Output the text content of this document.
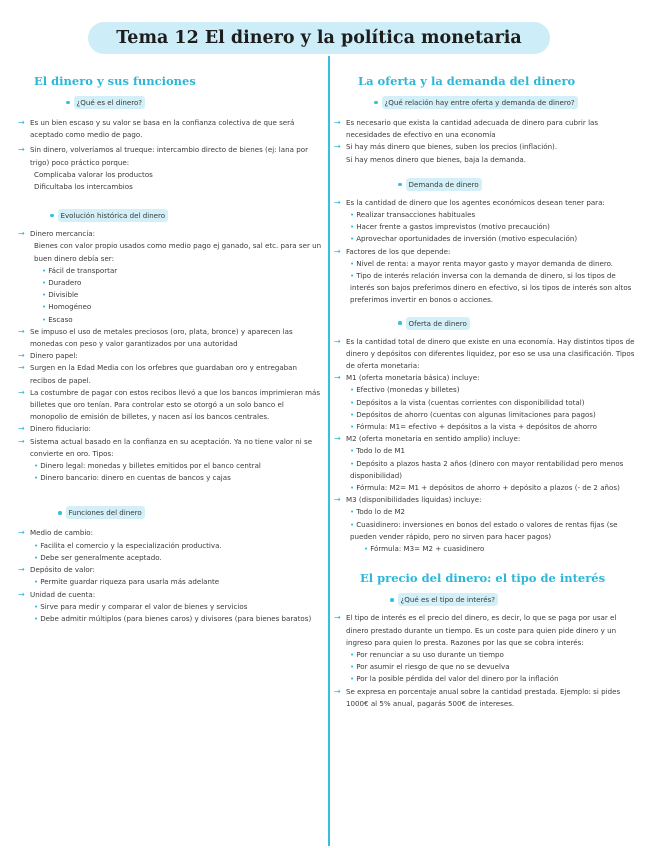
Tema 12 El dinero y la política monetaria
El dinero y sus funciones
¿Qué es el dinero?
→ Es un bien escaso y su valor se basa en la confianza colectiva de que será aceptado como medio de pago.
→ Sin dinero, volveríamos al trueque: intercambio directo de bienes (ej: lana por trigo) poco práctico porque:
Complicaba valorar los productos
Dificultaba los intercambios
Evolución histórica del dinero
→ Dinero mercancía:
Bienes con valor propio usados como medio pago ej ganado, sal etc. para ser un buen dinero debía ser:
• Fácil de transportar
• Duradero
• Divisible
• Homogéneo
• Escaso
→ Se impuso el uso de metales preciosos (oro, plata, bronce) y aparecen las monedas con peso y valor garantizados por una autoridad
→ Dinero papel:
→ Surgen en la Edad Media con los orfebres que guardaban oro y entregaban recibos de papel.
→ La costumbre de pagar con estos recibos llevó a que los bancos imprimieran más billetes que oro tenían. Para controlar esto se otorgó a un solo banco el monopolio de emisión de billetes, y nacen así los bancos centrales.
→ Dinero fiduciario:
→ Sistema actual basado en la confianza en su aceptación. Ya no tiene valor ni se convierte en oro. Tipos:
• Dinero legal: monedas y billetes emitidos por el banco central
• Dinero bancario: dinero en cuentas de bancos y cajas
Funciones del dinero
→ Medio de cambio:
• Facilita el comercio y la especialización productiva.
• Debe ser generalmente aceptado.
→ Depósito de valor:
• Permite guardar riqueza para usarla más adelante
→ Unidad de cuenta:
• Sirve para medir y comparar el valor de bienes y servicios
• Debe admitir múltiplos (para bienes caros) y divisores (para bienes baratos)
La oferta y la demanda del dinero
¿Qué relación hay entre oferta y demanda de dinero?
→ Es necesario que exista la cantidad adecuada de dinero para cubrir las necesidades de efectivo en una economía
→ Si hay más dinero que bienes, suben los precios (inflación).
Si hay menos dinero que bienes, baja la demanda.
Demanda de dinero
→ Es la cantidad de dinero que los agentes económicos desean tener para:
• Realizar transacciones habituales
• Hacer frente a gastos imprevistos (motivo precaución)
• Aprovechar oportunidades de inversión (motivo especulación)
→ Factores de los que depende:
• Nivel de renta: a mayor renta mayor gasto y mayor demanda de dinero.
• Tipo de interés relación inversa con la demanda de dinero, si los tipos de interés son bajos preferimos dinero en efectivo, si los tipos de interés son altos preferimos invertir en bonos o acciones.
Oferta de dinero
→ Es la cantidad total de dinero que existe en una economía. Hay distintos tipos de dinero y depósitos con diferentes liquidez, por eso se usa una clasificación. Tipos de oferta monetaria:
→ M1 (oferta monetaria básica) incluye:
• Efectivo (monedas y billetes)
• Depósitos a la vista (cuentas corrientes con disponibilidad total)
• Depósitos de ahorro (cuentas con algunas limitaciones para pagos)
• Fórmula: M1= efectivo + depósitos a la vista + depósitos de ahorro
→ M2 (oferta monetaria en sentido amplio) incluye:
• Todo lo de M1
• Depósito a plazos hasta 2 años (dinero con mayor rentabilidad pero menos disponibilidad)
• Fórmula: M2= M1 + depósitos de ahorro + depósito a plazos (- de 2 años)
→ M3 (disponibilidades líquidas) incluye:
• Todo lo de M2
• Cuasidinero: inversiones en bonos del estado o valores de rentas fijas (se pueden vender rápido, pero no sirven para hacer pagos)
• Fórmula: M3= M2 + cuasidinero
El precio del dinero: el tipo de interés
¿Qué es el tipo de interés?
→ El tipo de interés es el precio del dinero, es decir, lo que se paga por usar el dinero prestado durante un tiempo. Es un coste para quien pide dinero y un ingreso para quien lo presta. Razones por las que se cobra interés:
• Por renunciar a su uso durante un tiempo
• Por asumir el riesgo de que no se devuelva
• Por la posible pérdida del valor del dinero por la inflación
→ Se expresa en porcentaje anual sobre la cantidad prestada. Ejemplo: si pides 1000€ al 5% anual, pagarás 500€ de intereses.
